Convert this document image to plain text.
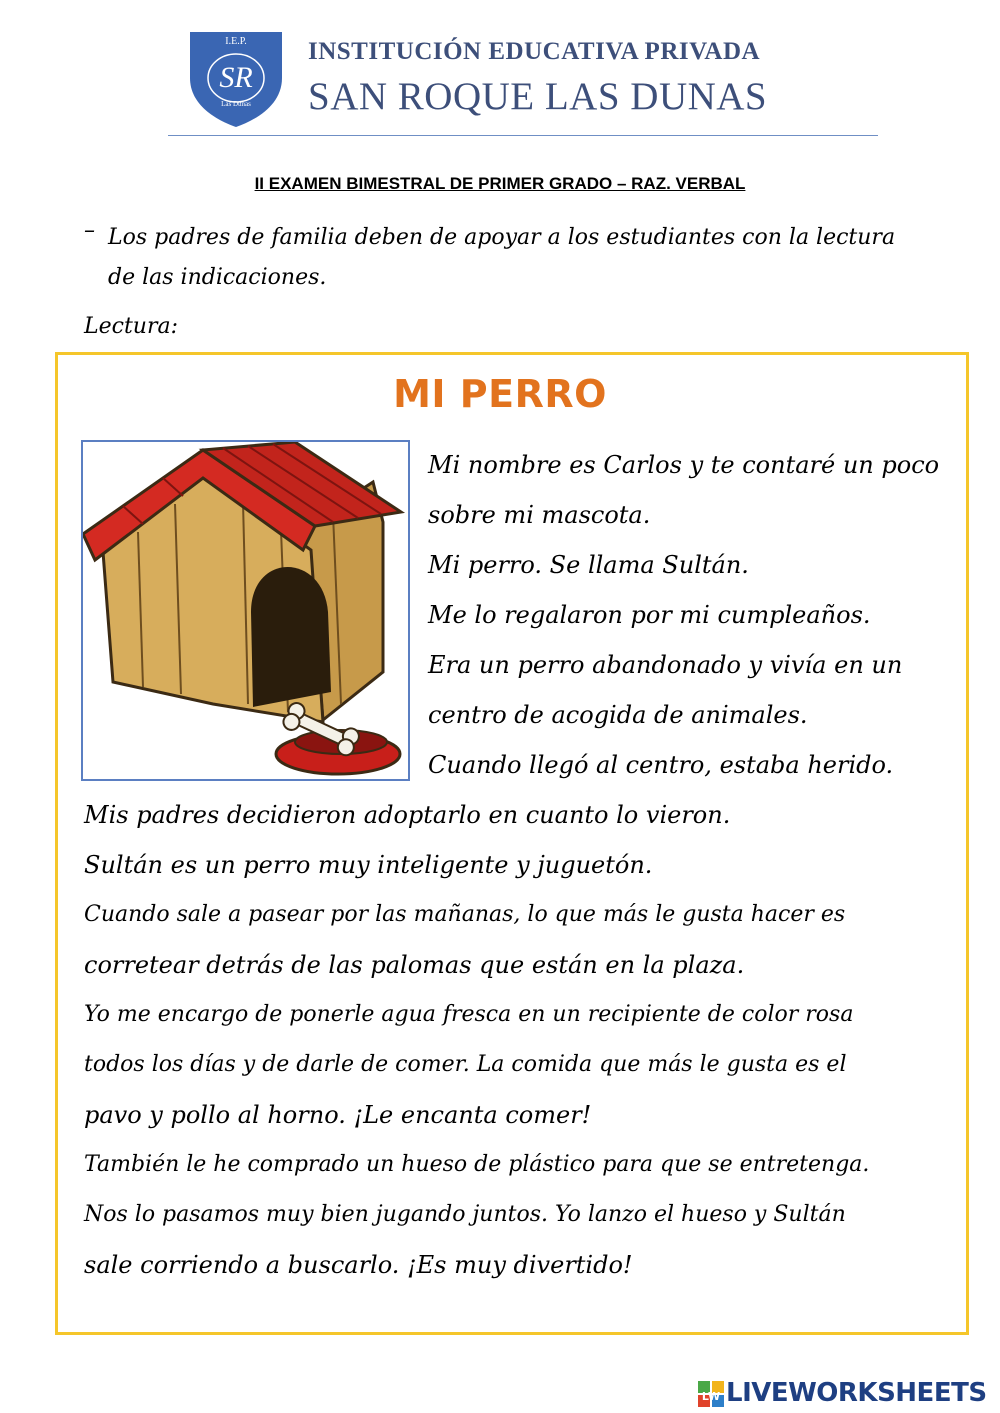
I.E.P.
SR
Las Dunas
INSTITUCIÓN EDUCATIVA PRIVADA
SAN ROQUE LAS DUNAS
II EXAMEN BIMESTRAL DE PRIMER GRADO – RAZ. VERBAL
– Los padres de familia deben de apoyar a los estudiantes con la lectura de las indicaciones.
Lectura:
MI PERRO
Mi nombre es Carlos y te contaré un poco
sobre mi mascota.
Mi perro. Se llama Sultán.
Me lo regalaron por mi cumpleaños.
Era un perro abandonado y vivía en un
centro de acogida de animales.
Cuando llegó al centro, estaba herido.
Mis padres decidieron adoptarlo en cuanto lo vieron.
Sultán es un perro muy inteligente y juguetón.
Cuando sale a pasear por las mañanas, lo que más le gusta hacer es
corretear detrás de las palomas que están en la plaza.
Yo me encargo de ponerle agua fresca en un recipiente de color rosa
todos los días y de darle de comer. La comida que más le gusta es el
pavo y pollo al horno. ¡Le encanta comer!
También le he comprado un hueso de plástico para que se entretenga.
Nos lo pasamos muy bien jugando juntos. Yo lanzo el hueso y Sultán
sale corriendo a buscarlo. ¡Es muy divertido!
LW LIVEWORKSHEETS
